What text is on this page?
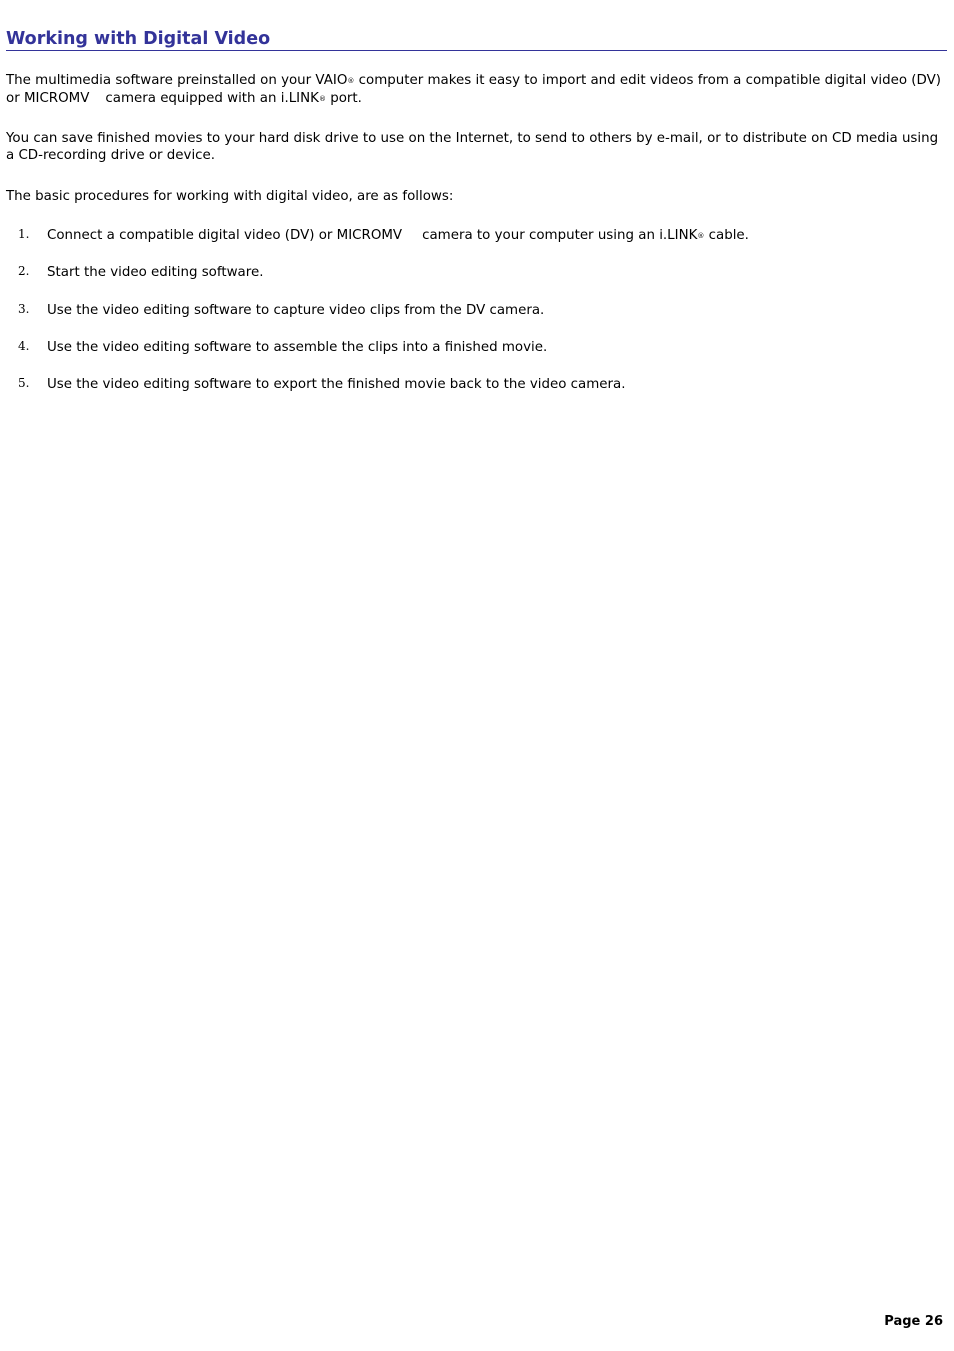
Working with Digital Video

The multimedia software preinstalled on your VAIO® computer makes it easy to import and edit videos from a compatible digital video (DV) or MICROMV camera equipped with an i.LINK® port.

You can save finished movies to your hard disk drive to use on the Internet, to send to others by e-mail, or to distribute on CD media using a CD-recording drive or device.

The basic procedures for working with digital video, are as follows:

1. Connect a compatible digital video (DV) or MICROMV camera to your computer using an i.LINK® cable.
2. Start the video editing software.
3. Use the video editing software to capture video clips from the DV camera.
4. Use the video editing software to assemble the clips into a finished movie.
5. Use the video editing software to export the finished movie back to the video camera.
Page 26
